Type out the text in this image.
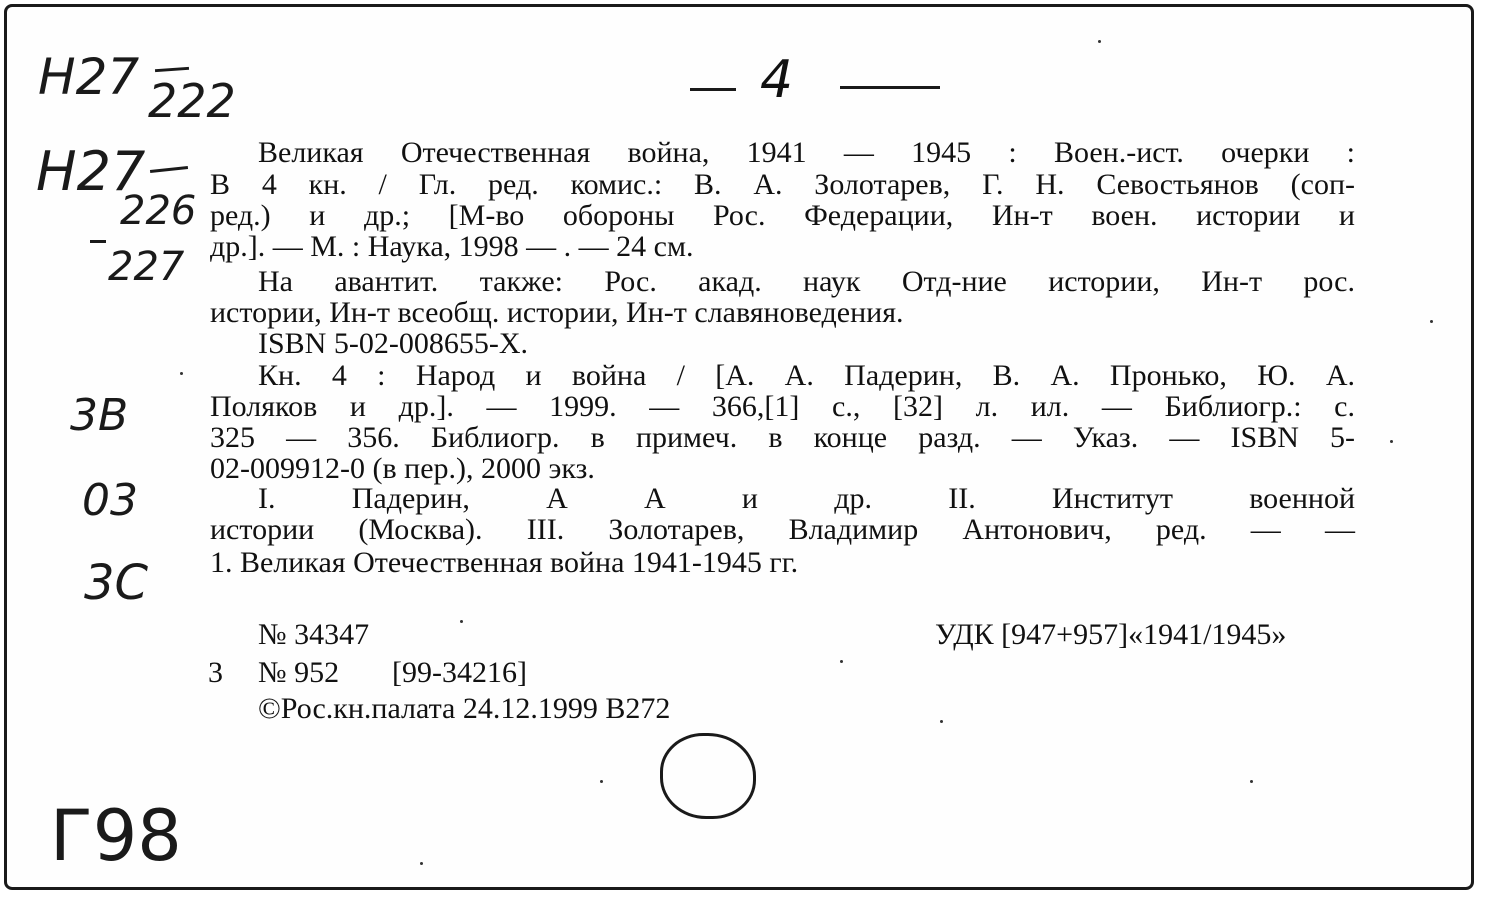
Н27 222
Н27
226
227
3В
03
3С
Г98
4
Великая Отечественная война, 1941 — 1945 : Воен.-ист. очерки :
В 4 кн. / Гл. ред. комис.: В. А. Золотарев, Г. Н. Севостьянов (соп-
ред.) и др.; [М-во обороны Рос. Федерации, Ин-т воен. истории и
др.]. — М. : Наука, 1998 — . — 24 см.
На авантит. также: Рос. акад. наук Отд-ние истории, Ин-т рос.
истории, Ин-т всеобщ. истории, Ин-т славяноведения.
ISBN 5-02-008655-Х.
Кн. 4 : Народ и война / [А. А. Падерин, В. А. Пронько, Ю. А.
Поляков и др.]. — 1999. — 366,[1] с., [32] л. ил. — Библиогр.: с.
325 — 356. Библиогр. в примеч. в конце разд. — Указ. — ISBN 5-
02-009912-0 (в пер.), 2000 экз.
I. Падерин, А А и др. II. Институт военной
истории (Москва). III. Золотарев, Владимир Антонович, ред. — —
1. Великая Отечественная война 1941-1945 гг.
№ 34347	УДК [947+957]«1941/1945»
3 № 952 [99-34216]
©Рос.кн.палата 24.12.1999 В272
